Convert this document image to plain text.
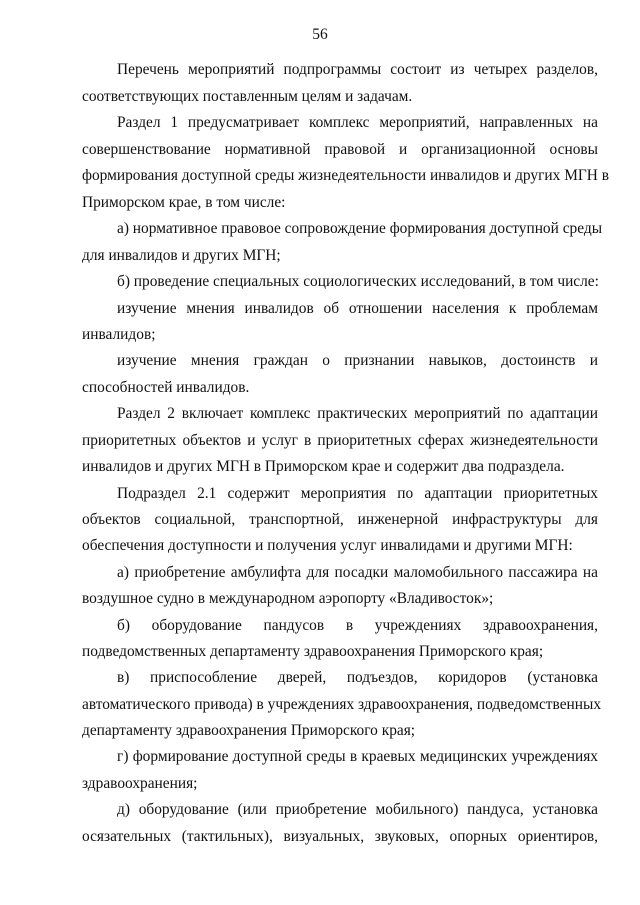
56
Перечень мероприятий подпрограммы состоит из четырех разделов,
соответствующих поставленным целям и задачам.
Раздел 1 предусматривает комплекс мероприятий, направленных на
совершенствование нормативной правовой и организационной основы
формирования доступной среды жизнедеятельности инвалидов и других МГН в
Приморском крае, в том числе:
а) нормативное правовое сопровождение формирования доступной среды
для инвалидов и других МГН;
б) проведение специальных социологических исследований, в том числе:
изучение мнения инвалидов об отношении населения к проблемам
инвалидов;
изучение мнения граждан о признании навыков, достоинств и
способностей инвалидов.
Раздел 2 включает комплекс практических мероприятий по адаптации
приоритетных объектов и услуг в приоритетных сферах жизнедеятельности
инвалидов и других МГН в Приморском крае и содержит два подраздела.
Подраздел 2.1 содержит мероприятия по адаптации приоритетных
объектов социальной, транспортной, инженерной инфраструктуры для
обеспечения доступности и получения услуг инвалидами и другими МГН:
а) приобретение амбулифта для посадки маломобильного пассажира на
воздушное судно в международном аэропорту «Владивосток»;
б) оборудование пандусов в учреждениях здравоохранения,
подведомственных департаменту здравоохранения Приморского края;
в) приспособление дверей, подъездов, коридоров (установка
автоматического привода) в учреждениях здравоохранения, подведомственных
департаменту здравоохранения Приморского края;
г) формирование доступной среды в краевых медицинских учреждениях
здравоохранения;
д) оборудование (или приобретение мобильного) пандуса, установка
осязательных (тактильных), визуальных, звуковых, опорных ориентиров,
